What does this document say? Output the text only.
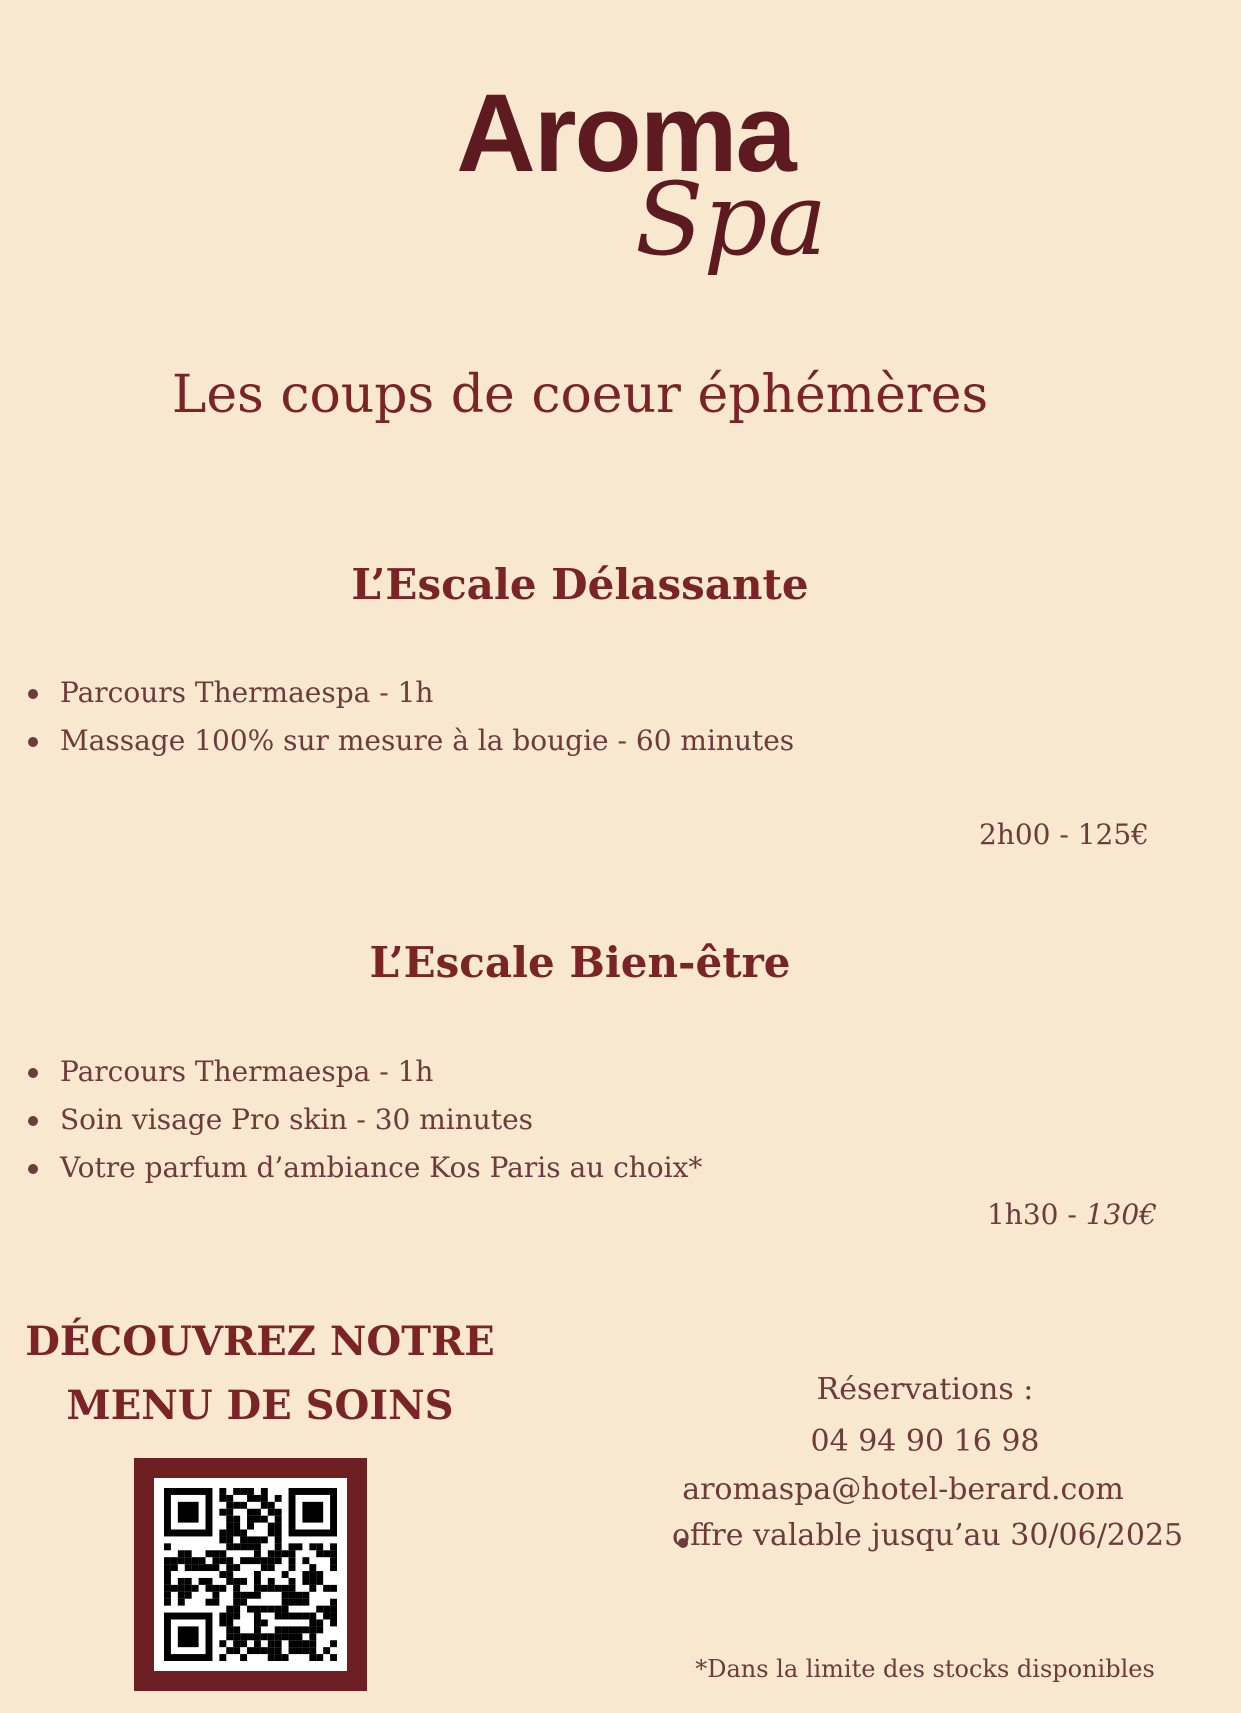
Aroma
Spa
Les coups de coeur éphémères
L’Escale Délassante
Parcours Thermaespa - 1h
Massage 100% sur mesure à la bougie - 60 minutes
2h00 - 125€
L’Escale Bien-être
Parcours Thermaespa - 1h
Soin visage Pro skin - 30 minutes
Votre parfum d’ambiance Kos Paris au choix*
1h30 - 130€
DÉCOUVREZ NOTRE
MENU DE SOINS	Réservations :
04 94 90 16 98
aromaspa@hotel-berard.com
offre valable jusqu’au 30/06/2025
*Dans la limite des stocks disponibles
